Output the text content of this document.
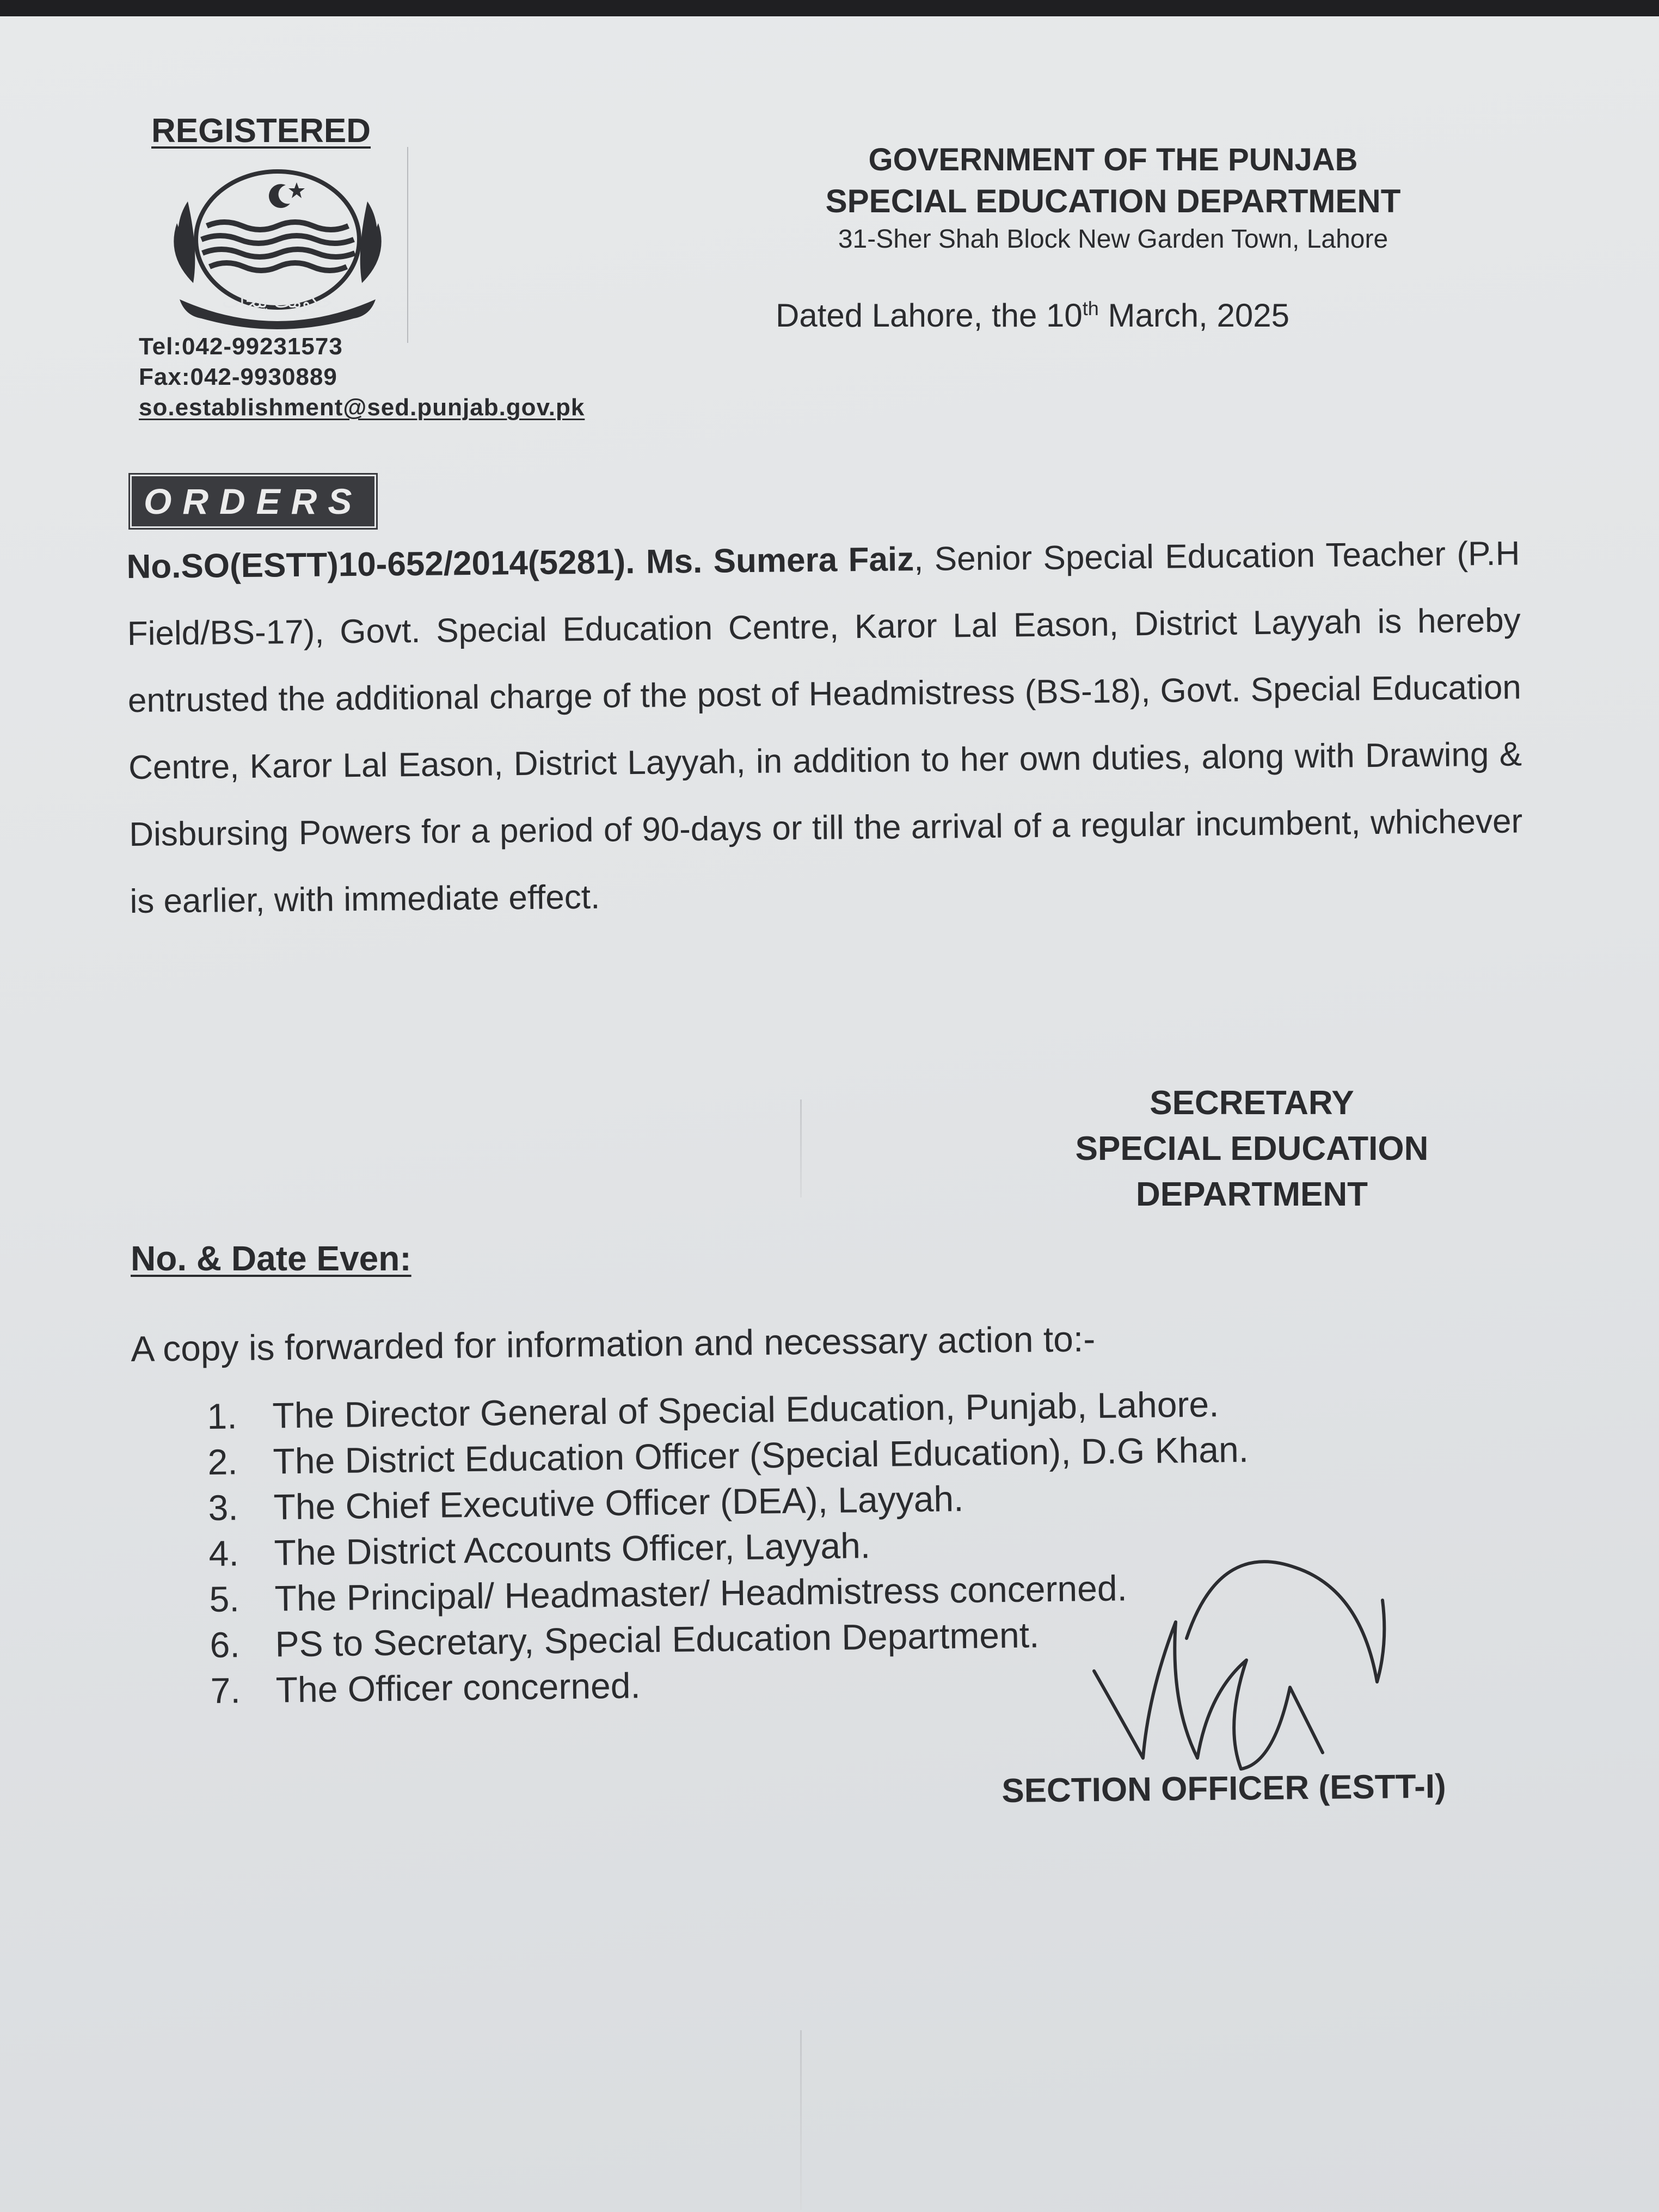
REGISTERED
حکومت پنجاب
Tel:042-99231573
Fax:042-9930889
so.establishment@sed.punjab.gov.pk
GOVERNMENT OF THE PUNJAB
SPECIAL EDUCATION DEPARTMENT
31-Sher Shah Block New Garden Town, Lahore
Dated Lahore, the 10th March, 2025
ORDERS
No.SO(ESTT)10-652/2014(5281). Ms. Sumera Faiz, Senior Special Education Teacher (P.H Field/BS-17), Govt. Special Education Centre, Karor Lal Eason, District Layyah is hereby entrusted the additional charge of the post of Headmistress (BS-18), Govt. Special Education Centre, Karor Lal Eason, District Layyah, in addition to her own duties, along with Drawing & Disbursing Powers for a period of 90-days or till the arrival of a regular incumbent, whichever is earlier, with immediate effect.
SECRETARY
SPECIAL EDUCATION
DEPARTMENT
No. & Date Even:
A copy is forwarded for information and necessary action to:-
1. The Director General of Special Education, Punjab, Lahore.
2. The District Education Officer (Special Education), D.G Khan.
3. The Chief Executive Officer (DEA), Layyah.
4. The District Accounts Officer, Layyah.
5. The Principal/ Headmaster/ Headmistress concerned.
6. PS to Secretary, Special Education Department.
7. The Officer concerned.
SECTION OFFICER (ESTT-I)
